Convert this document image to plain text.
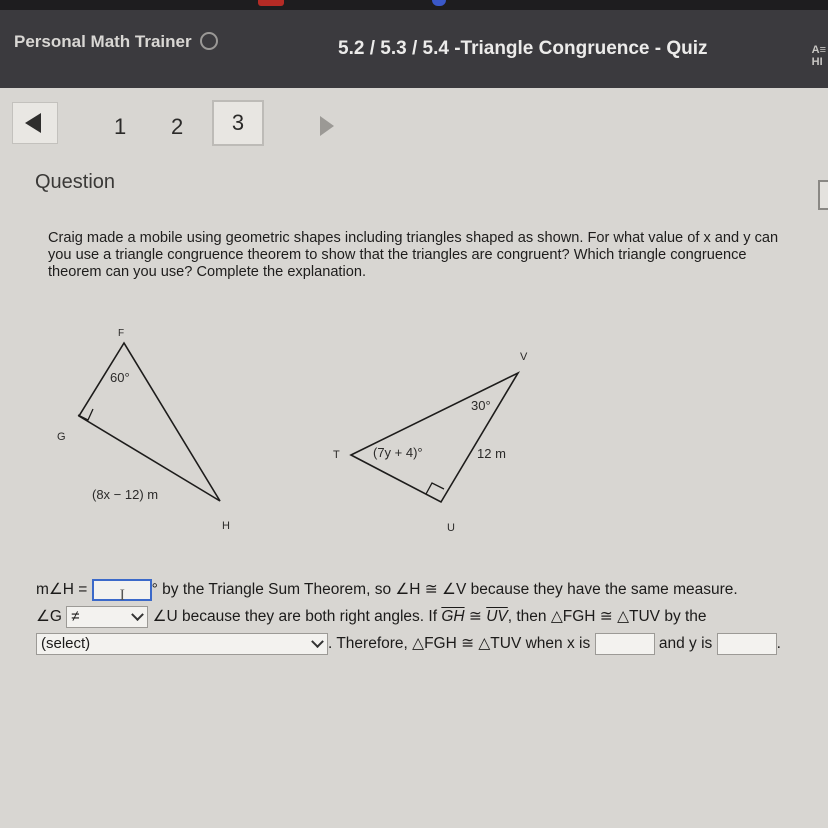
Personal Math Trainer	5.2 / 5.3 / 5.4 -Triangle Congruence - Quiz	A≡
HI
1 2	3
Question
Craig made a mobile using geometric shapes including triangles shaped as shown. For what value of x and y can you use a triangle congruence theorem to show that the triangles are congruent? Which triangle congruence theorem can you use? Complete the explanation.
F
G
H
60°
(8x − 12) m
T
U
V
30°
(7y + 4)°	12 m
m∠H = I ° by the Triangle Sum Theorem, so ∠H ≅ ∠V because they have the same measure.
∠G ≠	∠U because they are both right angles. If $\overline{GH}$ ≅ $\overline{UV}$, then △FGH ≅ △TUV by the
(select)	. Therefore, △FGH ≅ △TUV when x is	and y is	.
